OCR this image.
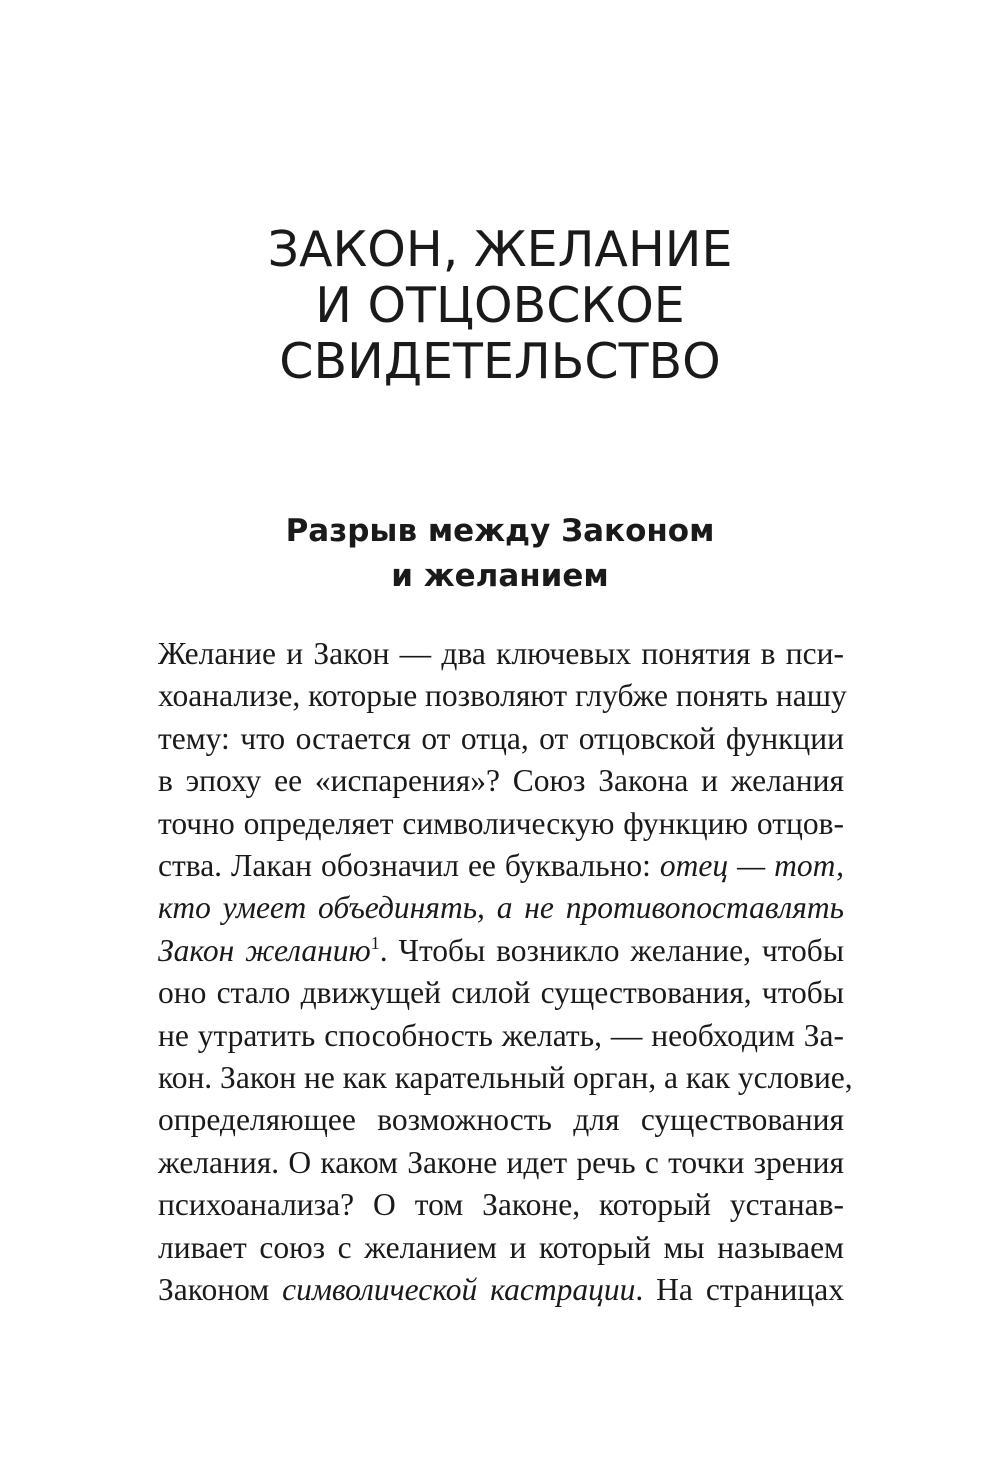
ЗАКОН, ЖЕЛАНИЕ
И ОТЦОВСКОЕ
СВИДЕТЕЛЬСТВО
Разрыв между Законом
и желанием
Желание и Закон — два ключевых понятия в пси-
хоанализе, которые позволяют глубже понять нашу
тему: что остается от отца, от отцовской функции
в эпоху ее «испарения»? Союз Закона и желания
точно определяет символическую функцию отцов-
ства. Лакан обозначил ее буквально: отец — тот,
кто умеет объединять, а не противопоставлять
Закон желанию$^1$. Чтобы возникло желание, чтобы
оно стало движущей силой существования, чтобы
не утратить способность желать, — необходим За-
кон. Закон не как карательный орган, а как условие,
определяющее возможность для существования
желания. О каком Законе идет речь с точки зрения
психоанализа? О том Законе, который устанав-
ливает союз с желанием и который мы называем
Законом символической кастрации. На страницах
